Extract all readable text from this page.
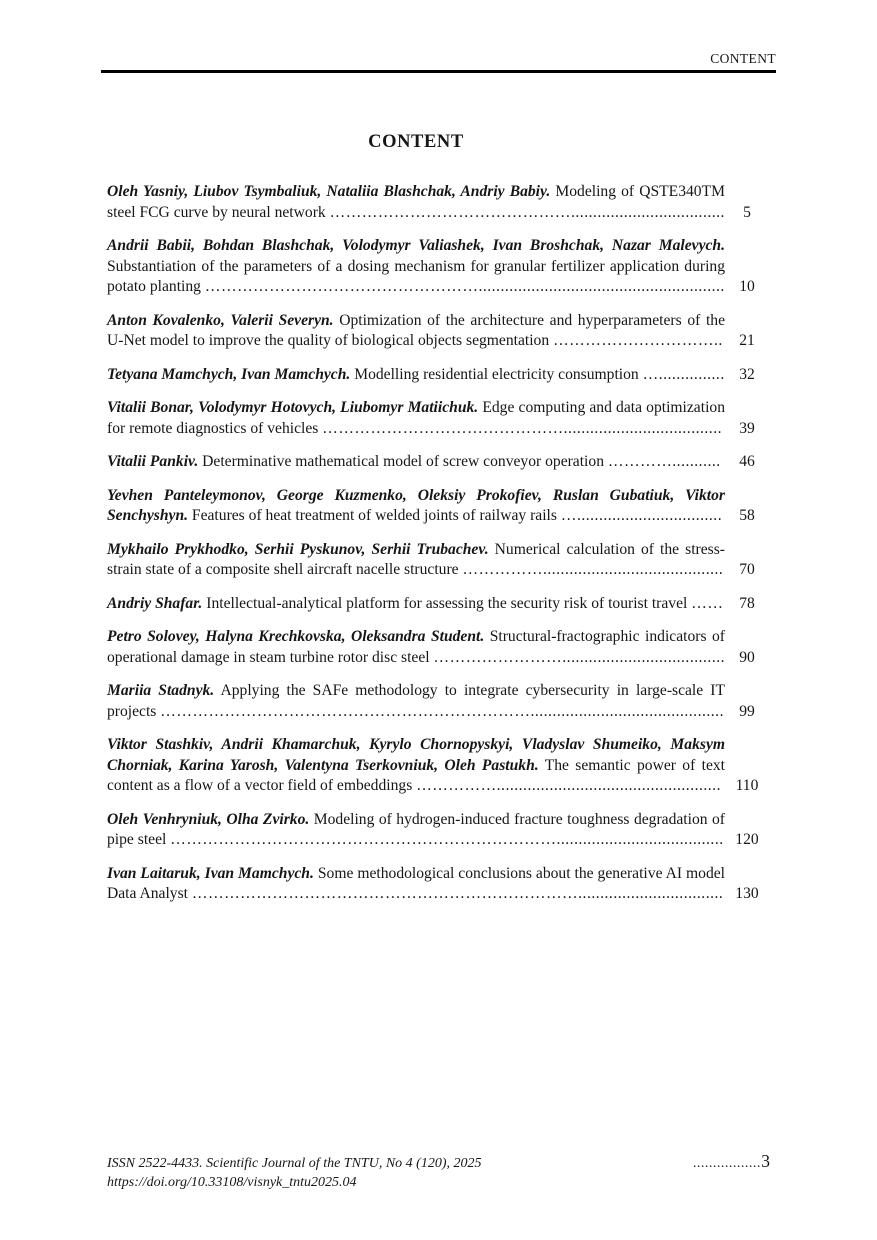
CONTENT
CONTENT

Oleh Yasniy, Liubov Tsymbaliuk, Nataliia Blashchak, Andriy Babiy. Modeling of QSTE340TM steel FCG curve by neural network ………………………………………...................................	5

Andrii Babii, Bohdan Blashchak, Volodymyr Valiashek, Ivan Broshchak, Nazar Malevych. Substantiation of the parameters of a dosing mechanism for granular fertilizer application during potato planting ……………………………………………........................................................ 10

Anton Kovalenko, Valerii Severyn. Optimization of the architecture and hyperparameters of the U-Net model to improve the quality of biological objects segmentation …………………………..	21

Tetyana Mamchych, Ivan Mamchych. Modelling residential electricity consumption …............... 32

Vitalii Bonar, Volodymyr Hotovych, Liubomyr Matiichuk. Edge computing and data optimization for remote diagnostics of vehicles ………………………………………....................................	39

Vitalii Pankiv. Determinative mathematical model of screw conveyor operation …………...........	46

Yevhen Panteleymonov, George Kuzmenko, Oleksiy Prokofiev, Ruslan Gubatiuk, Viktor Senchyshyn. Features of heat treatment of welded joints of railway rails ….................................	58

Mykhailo Prykhodko, Serhii Pyskunov, Serhii Trubachev. Numerical calculation of the stress-strain state of a composite shell aircraft nacelle structure …………….........................................	70

Andriy Shafar. Intellectual-analytical platform for assessing the security risk of tourist travel ……	78

Petro Solovey, Halyna Krechkovska, Oleksandra Student. Structural-fractographic indicators of operational damage in steam turbine rotor disc steel ……………………..................................... 90

Mariia Stadnyk. Applying the SAFe methodology to integrate cybersecurity in large-scale IT projects ……………………………………………………………............................................ 99

Viktor Stashkiv, Andrii Khamarchuk, Kyrylo Chornopyskyi, Vladyslav Shumeiko, Maksym Chorniak, Karina Yarosh, Valentyna Tserkovniuk, Oleh Pastukh. The semantic power of text content as a flow of a vector field of embeddings ……………................................................... 110

Oleh Venhryniuk, Olha Zvirko. Modeling of hydrogen-induced fracture toughness degradation of pipe steel ………………………………………………………………...................................... 120

Ivan Laitaruk, Ivan Mamchych. Some methodological conclusions about the generative AI model Data Analyst ………………………………………………………………................................. 130
ISSN 2522-4433. Scientific Journal of the TNTU, No 4 (120), 2025 https://doi.org/10.33108/visnyk_tntu2025.04
................. 3
